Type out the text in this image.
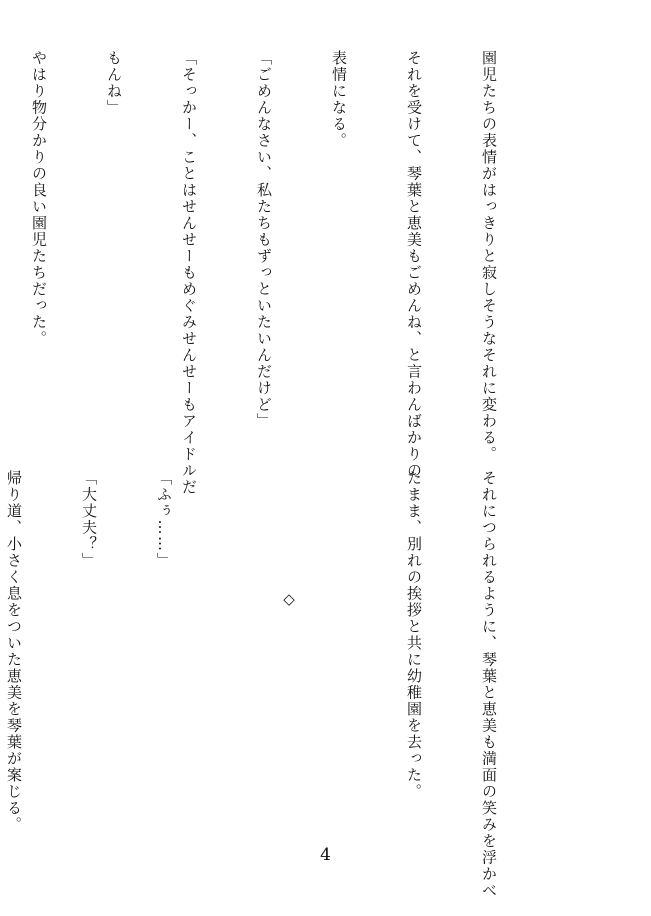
園児たちの表情がはっきりと寂しそうなそれに変わる。

それを受けて、琴葉と恵美もごめんね、と言わんばかりの

表情になる。

「ごめんなさい、私たちもずっといたいんだけど」

「そっかー、ことはせんせーもめぐみせんせーもアイドルだ

もんね」

やはり物分かりの良い園児たちだった。

それにつられるように、琴葉と恵美も満面の笑みを浮かべ

たまま、別れの挨拶と共に幼稚園を去った。

◇

「ふぅ……」

「大丈夫？」

帰り道、小さく息をついた恵美を琴葉が案じる。

4
